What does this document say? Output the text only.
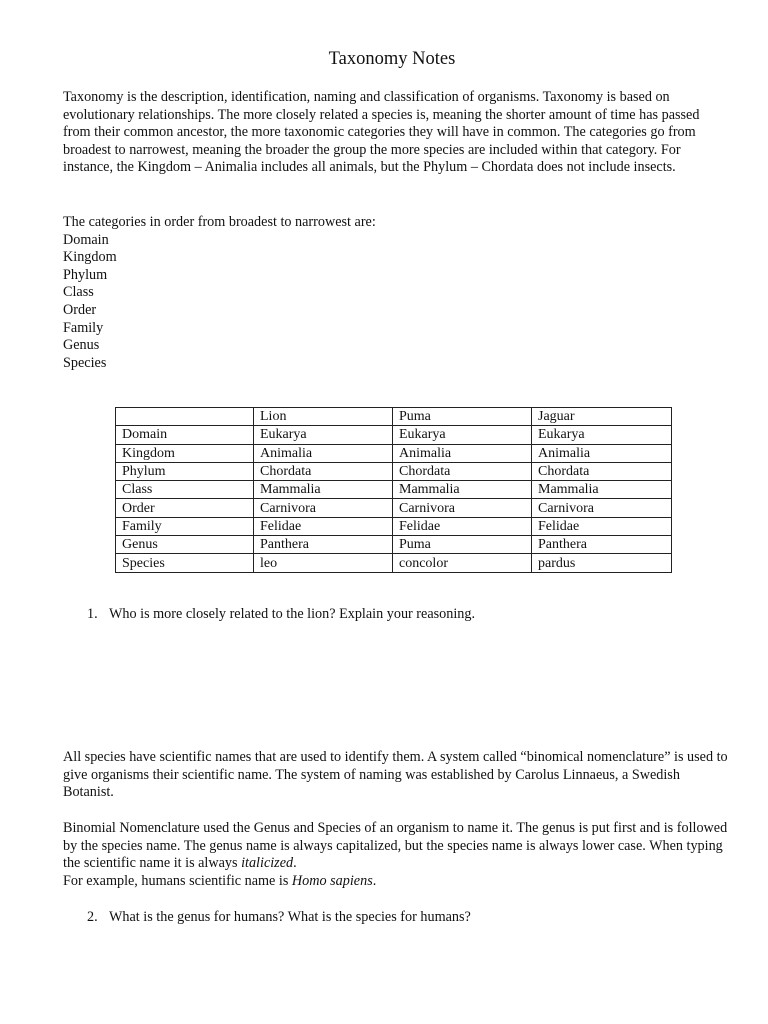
Taxonomy Notes

Taxonomy is the description, identification, naming and classification of organisms. Taxonomy is based on evolutionary relationships. The more closely related a species is, meaning the shorter amount of time has passed from their common ancestor, the more taxonomic categories they will have in common. The categories go from broadest to narrowest, meaning the broader the group the more species are included within that category. For instance, the Kingdom – Animalia includes all animals, but the Phylum – Chordata does not include insects.

The categories in order from broadest to narrowest are:
Domain
Kingdom
Phylum
Class
Order
Family
Genus
Species
	Lion	Puma	Jaguar
Domain	Eukarya	Eukarya	Eukarya
Kingdom	Animalia	Animalia	Animalia
Phylum	Chordata	Chordata	Chordata
Class	Mammalia	Mammalia	Mammalia
Order	Carnivora	Carnivora	Carnivora
Family	Felidae	Felidae	Felidae
Genus	Panthera	Puma	Panthera
Species	leo	concolor	pardus
1. Who is more closely related to the lion? Explain your reasoning.

All species have scientific names that are used to identify them. A system called “binomical nomenclature” is used to give organisms their scientific name. The system of naming was established by Carolus Linnaeus, a Swedish Botanist.

Binomial Nomenclature used the Genus and Species of an organism to name it. The genus is put first and is followed by the species name. The genus name is always capitalized, but the species name is always lower case. When typing the scientific name it is always italicized.

For example, humans scientific name is Homo sapiens.

2. What is the genus for humans? What is the species for humans?
